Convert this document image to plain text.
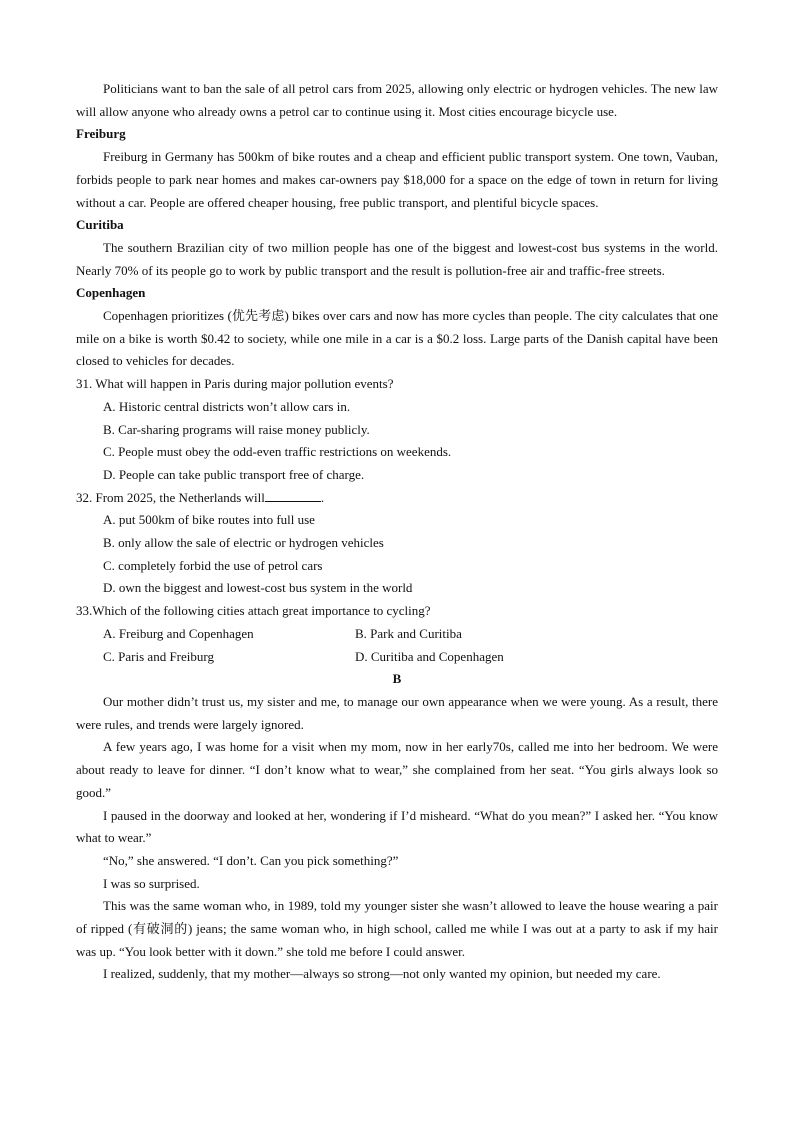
Politicians want to ban the sale of all petrol cars from 2025, allowing only electric or hydrogen vehicles. The new law will allow anyone who already owns a petrol car to continue using it. Most cities encourage bicycle use.

Freiburg

Freiburg in Germany has 500km of bike routes and a cheap and efficient public transport system. One town, Vauban, forbids people to park near homes and makes car-owners pay $18,000 for a space on the edge of town in return for living without a car. People are offered cheaper housing, free public transport, and plentiful bicycle spaces.

Curitiba

The southern Brazilian city of two million people has one of the biggest and lowest-cost bus systems in the world. Nearly 70% of its people go to work by public transport and the result is pollution-free air and traffic-free streets.

Copenhagen

Copenhagen prioritizes (优先考虑) bikes over cars and now has more cycles than people. The city calculates that one mile on a bike is worth $0.42 to society, while one mile in a car is a $0.2 loss. Large parts of the Danish capital have been closed to vehicles for decades.

31. What will happen in Paris during major pollution events?

A. Historic central districts won’t allow cars in.

B. Car-sharing programs will raise money publicly.

C. People must obey the odd-even traffic restrictions on weekends.

D. People can take public transport free of charge.

32. From 2025, the Netherlands will	.

A. put 500km of bike routes into full use

B. only allow the sale of electric or hydrogen vehicles

C. completely forbid the use of petrol cars

D. own the biggest and lowest-cost bus system in the world

33.Which of the following cities attach great importance to cycling?

A. Freiburg and Copenhagen	B. Park and Curitiba
C. Paris and Freiburg	D. Curitiba and Copenhagen

B

Our mother didn’t trust us, my sister and me, to manage our own appearance when we were young. As a result, there were rules, and trends were largely ignored.

A few years ago, I was home for a visit when my mom, now in her early70s, called me into her bedroom. We were about ready to leave for dinner. “I don’t know what to wear,” she complained from her seat. “You girls always look so good.”

I paused in the doorway and looked at her, wondering if I’d misheard. “What do you mean?” I asked her. “You know what to wear.”

“No,” she answered. “I don’t. Can you pick something?”

I was so surprised.

This was the same woman who, in 1989, told my younger sister she wasn’t allowed to leave the house wearing a pair of ripped (有破洞的) jeans; the same woman who, in high school, called me while I was out at a party to ask if my hair was up. “You look better with it down.” she told me before I could answer.

I realized, suddenly, that my mother—always so strong—not only wanted my opinion, but needed my care.
